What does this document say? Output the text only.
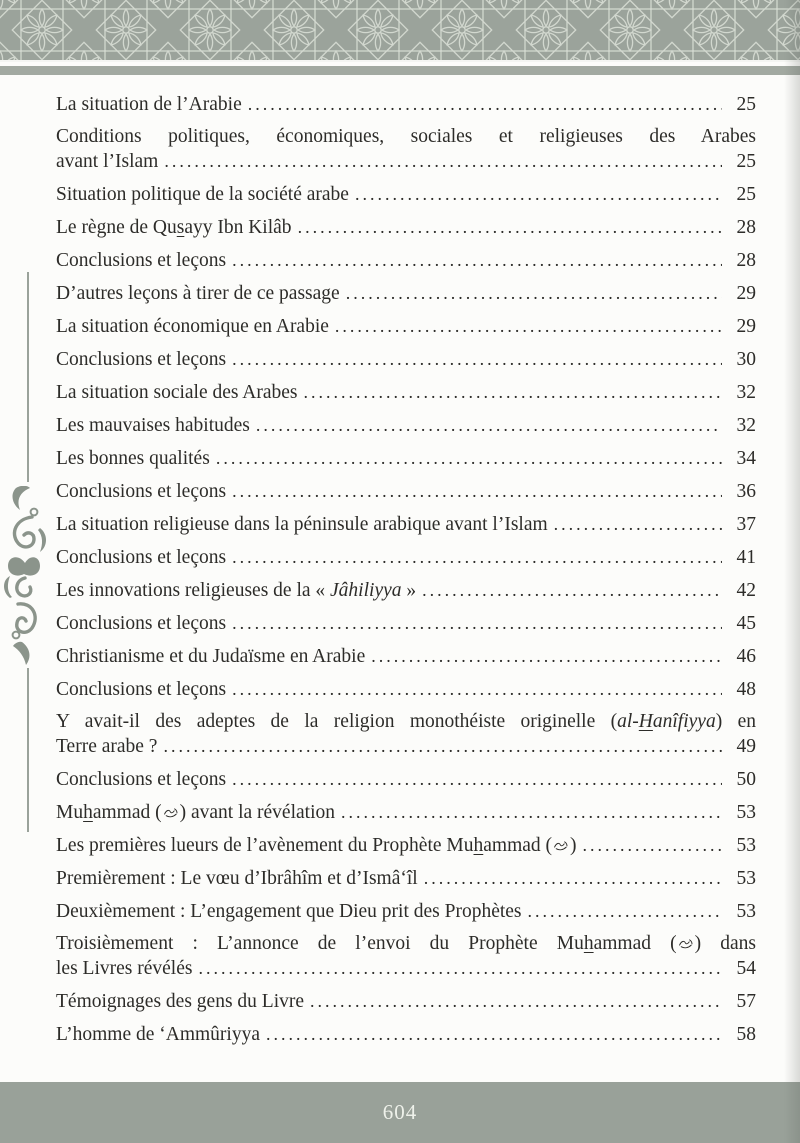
La situation de l’Arabie .....	25
Conditions politiques, économiques, sociales et religieuses des Arabes
avant l’Islam .....	25
Situation politique de la société arabe .....	25
Le règne de Qusayy Ibn Kilâb .....	28
Conclusions et leçons .....	28
D’autres leçons à tirer de ce passage .....	29
La situation économique en Arabie .....	29
Conclusions et leçons .....	30
La situation sociale des Arabes .....	32
Les mauvaises habitudes .....	32
Les bonnes qualités .....	34
Conclusions et leçons .....	36
La situation religieuse dans la péninsule arabique avant l’Islam .....	37
Conclusions et leçons .....	41
Les innovations religieuses de la « Jâhiliyya » .....	42
Conclusions et leçons .....	45
Christianisme et du Judaïsme en Arabie .....	46
Conclusions et leçons .....	48
Y avait-il des adeptes de la religion monothéiste originelle (al-Hanîfiyya) en
Terre arabe ? .....	49
Conclusions et leçons .....	50
Muhammad ( ) avant la révélation .....	53
Les premières lueurs de l’avènement du Prophète Muhammad ( ) .....	53
Premièrement : Le vœu d’Ibrâhîm et d’Ismâ‘îl .....	53
Deuxièmement : L’engagement que Dieu prit des Prophètes .....	53
Troisièmement : L’annonce de l’envoi du Prophète Muhammad ( ) dans
les Livres révélés .....	54
Témoignages des gens du Livre .....	57
L’homme de ‘Ammûriyya .....	58
604
